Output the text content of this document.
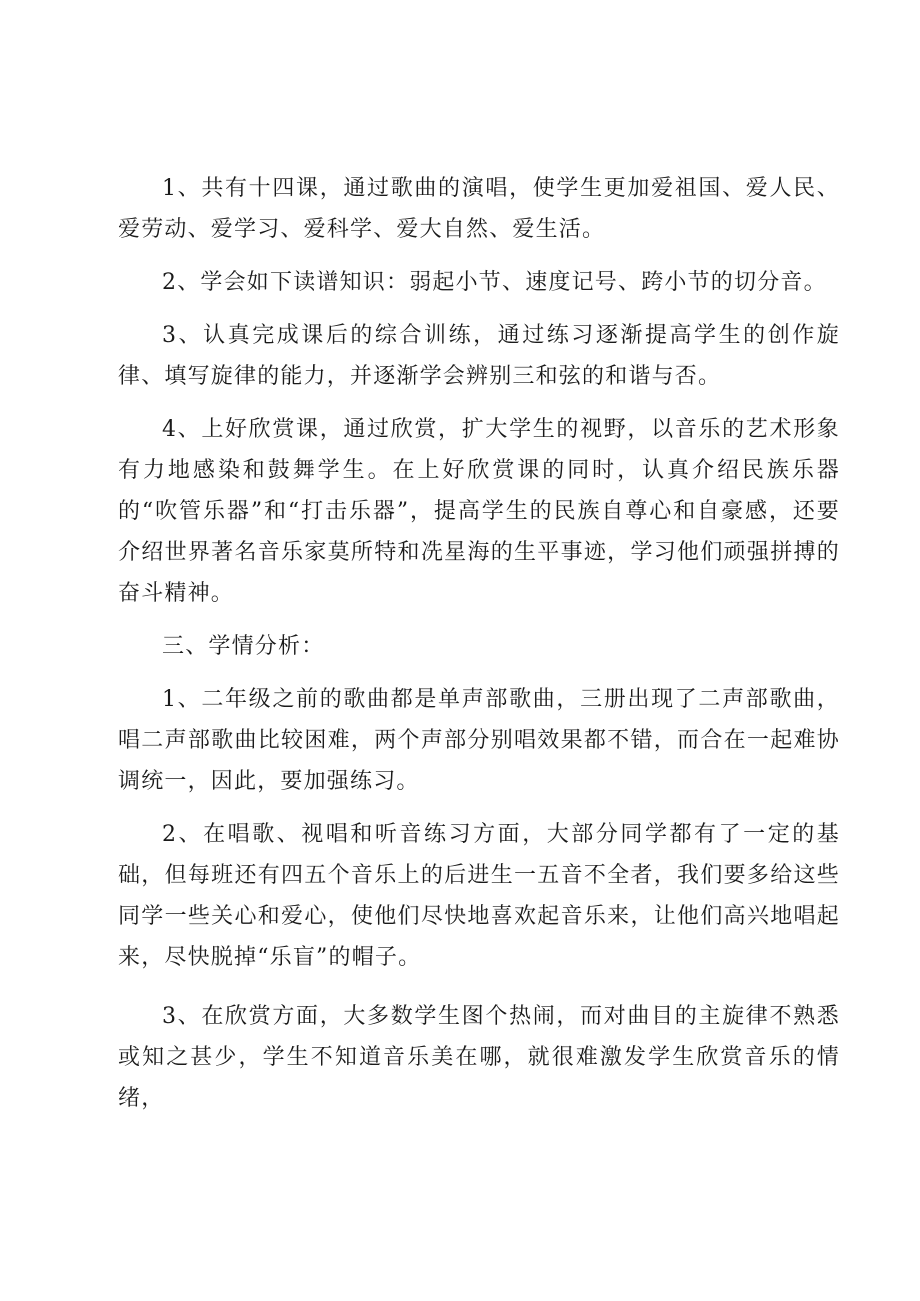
1、共有十四课，通过歌曲的演唱，使学生更加爱祖国、爱人民、爱劳动、爱学习、爱科学、爱大自然、爱生活。

2、学会如下读谱知识：弱起小节、速度记号、跨小节的切分音。

3、认真完成课后的综合训练，通过练习逐渐提高学生的创作旋律、填写旋律的能力，并逐渐学会辨别三和弦的和谐与否。

4、上好欣赏课，通过欣赏，扩大学生的视野，以音乐的艺术形象有力地感染和鼓舞学生。在上好欣赏课的同时，认真介绍民族乐器的“吹管乐器”和“打击乐器”，提高学生的民族自尊心和自豪感，还要介绍世界著名音乐家莫所特和冼星海的生平事迹，学习他们顽强拼搏的奋斗精神。

三、学情分析：

1、二年级之前的歌曲都是单声部歌曲，三册出现了二声部歌曲，唱二声部歌曲比较困难，两个声部分别唱效果都不错，而合在一起难协调统一，因此，要加强练习。

2、在唱歌、视唱和听音练习方面，大部分同学都有了一定的基础，但每班还有四五个音乐上的后进生一五音不全者，我们要多给这些同学一些关心和爱心，使他们尽快地喜欢起音乐来，让他们高兴地唱起来，尽快脱掉“乐盲”的帽子。

3、在欣赏方面，大多数学生图个热闹，而对曲目的主旋律不熟悉或知之甚少，学生不知道音乐美在哪，就很难激发学生欣赏音乐的情绪，
